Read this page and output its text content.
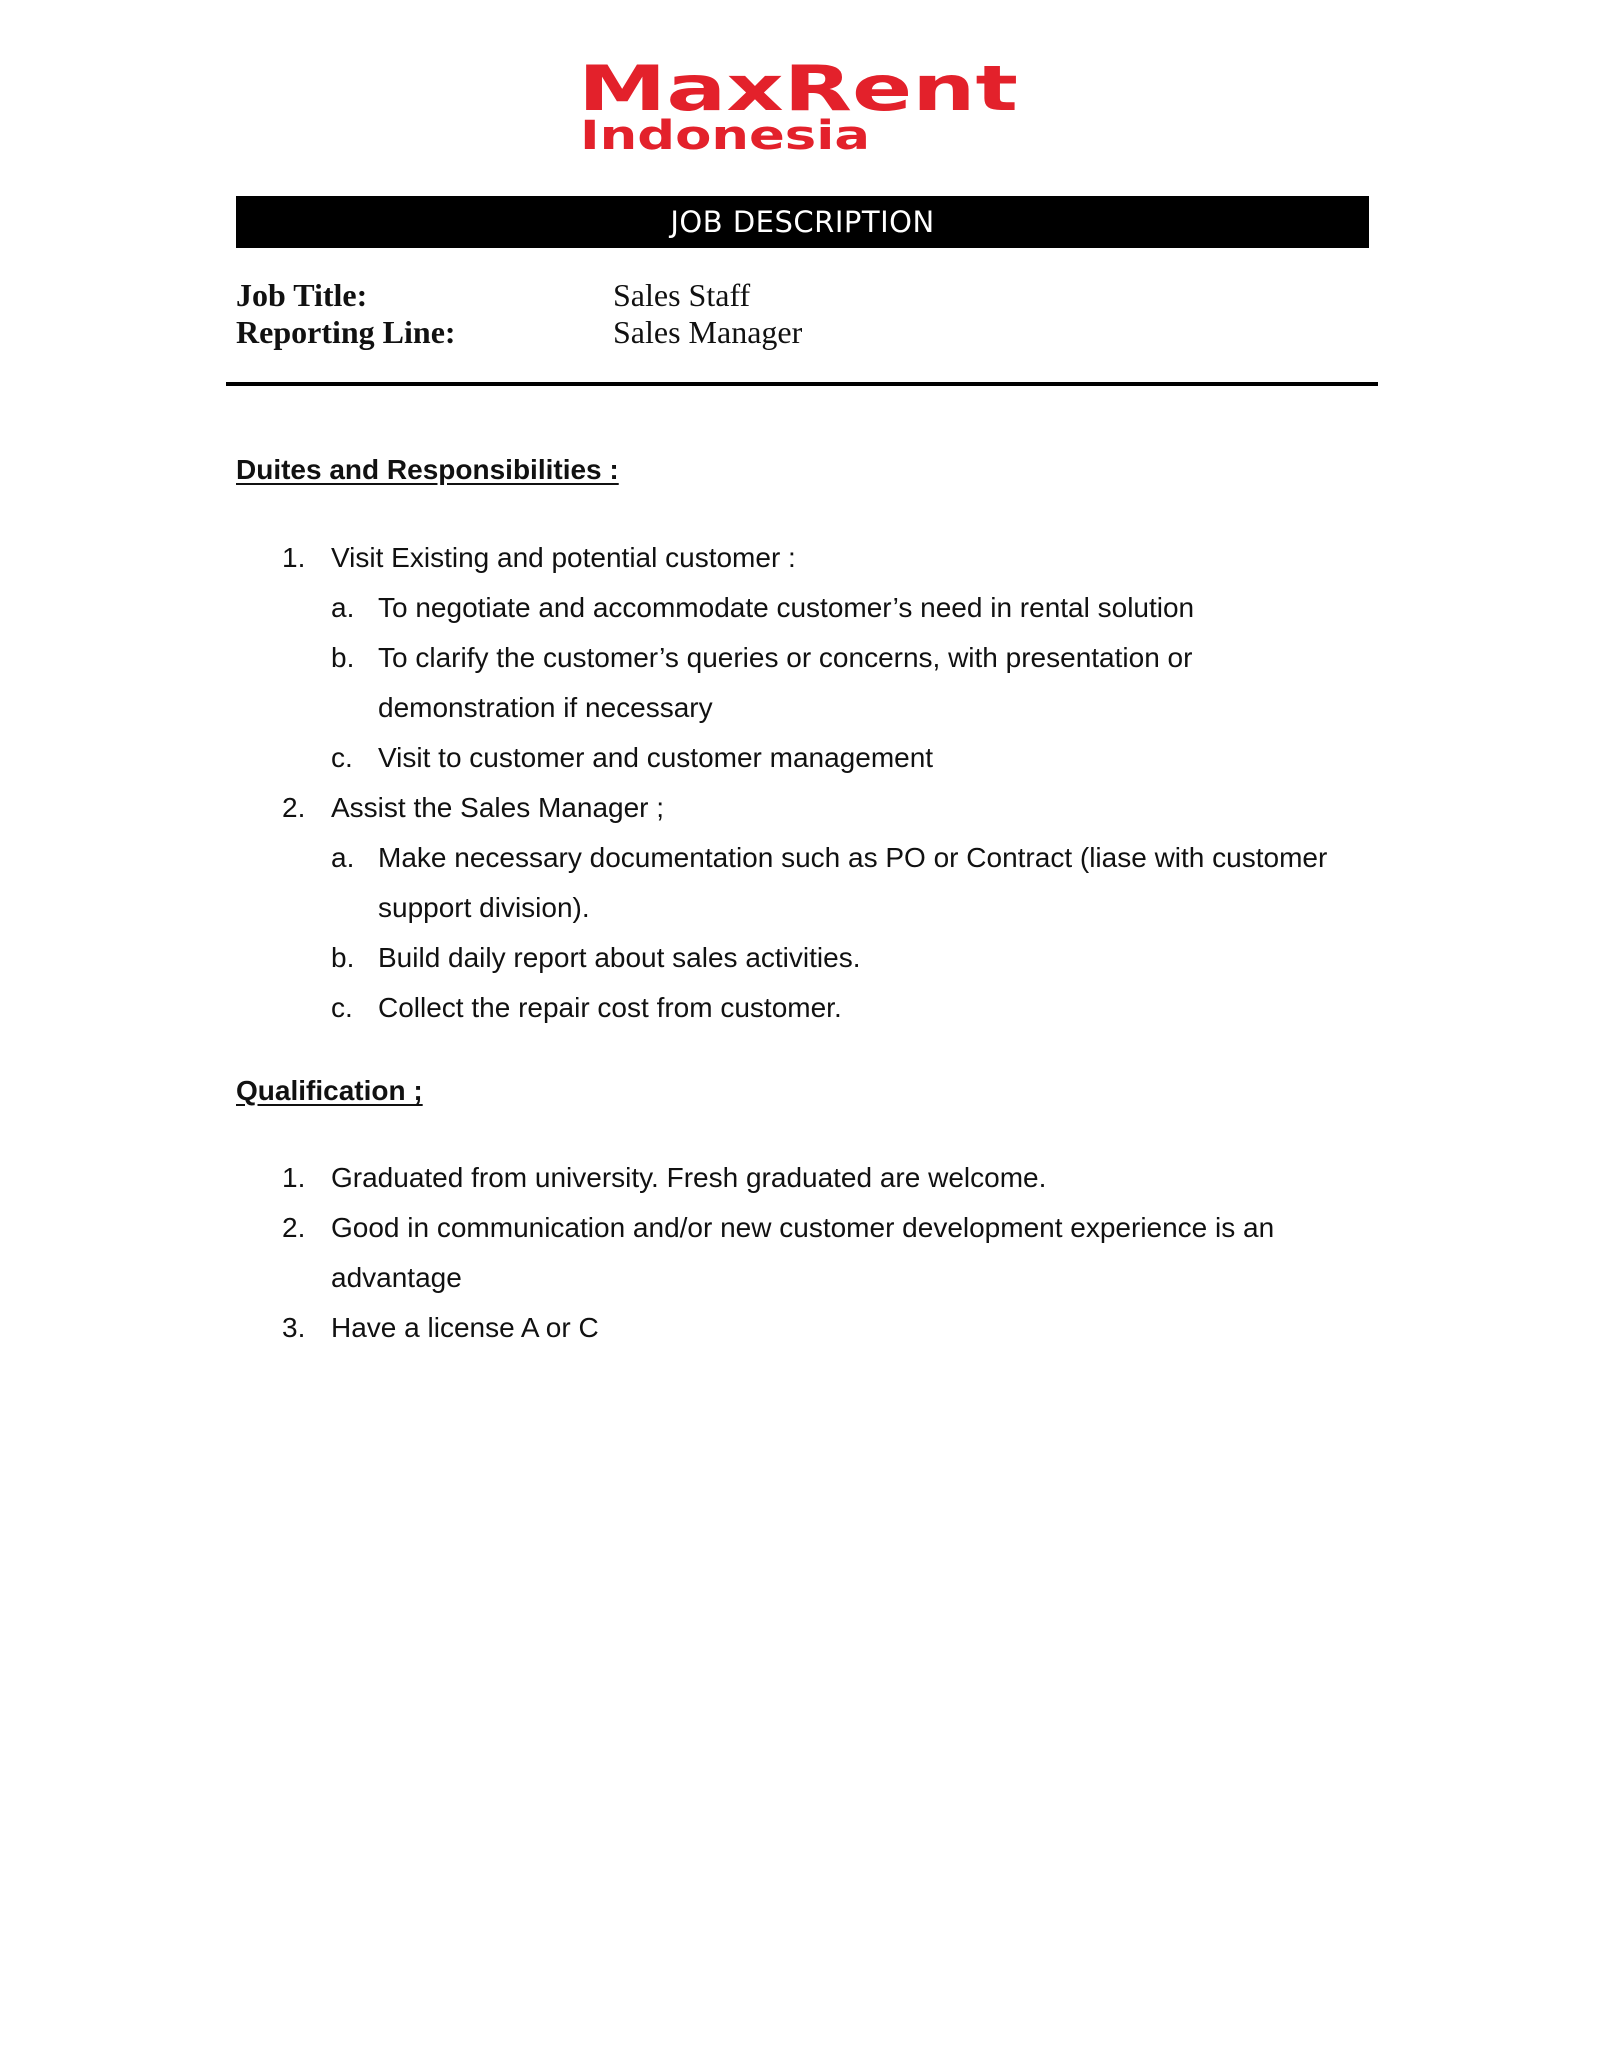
MaxRent
Indonesia
JOB DESCRIPTION
Job Title:	Sales Staff
Reporting Line:	Sales Manager
Duites and Responsibilities :
1. Visit Existing and potential customer :
a. To negotiate and accommodate customer’s need in rental solution
b. To clarify the customer’s queries or concerns, with presentation or
demonstration if necessary
c. Visit to customer and customer management
2. Assist the Sales Manager ;
a. Make necessary documentation such as PO or Contract (liase with customer
support division).
b. Build daily report about sales activities.
c. Collect the repair cost from customer.
Qualification ;
1. Graduated from university. Fresh graduated are welcome.
2. Good in communication and/or new customer development experience is an
advantage
3. Have a license A or C
